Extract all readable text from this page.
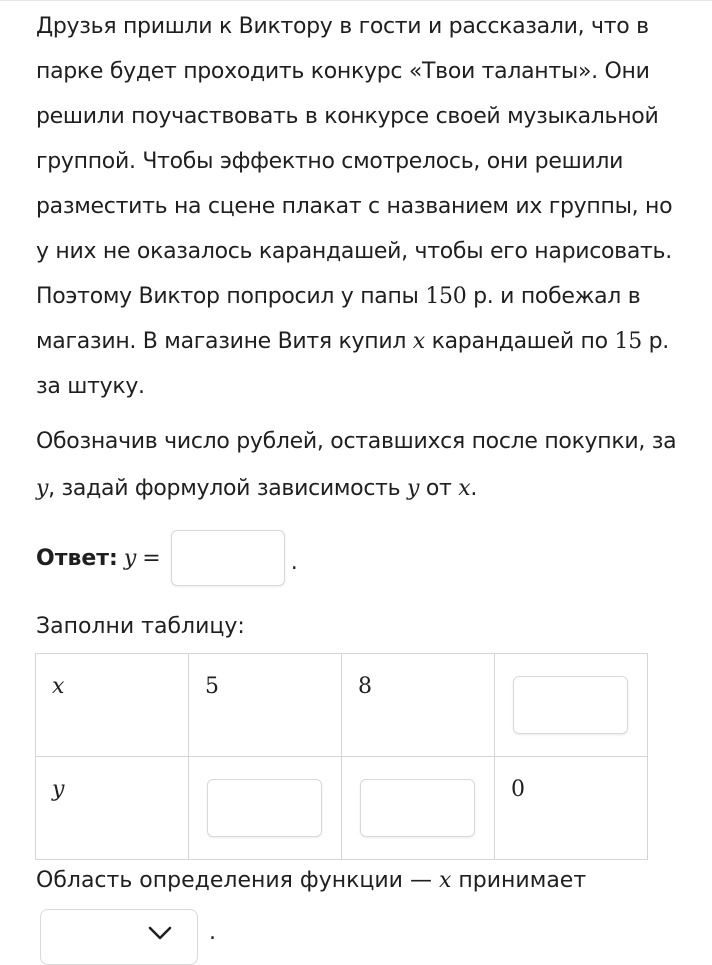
Друзья пришли к Виктору в гости и рассказали, что в парке будет проходить конкурс «Твои таланты». Они решили поучаствовать в конкурсе своей музыкальной группой. Чтобы эффектно смотрелось, они решили разместить на сцене плакат с названием их группы, но у них не оказалось карандашей, чтобы его нарисовать. Поэтому Виктор попросил у папы 150 р. и побежал в магазин. В магазине Витя купил x карандашей по 15 р. за штуку.

Обозначив число рублей, оставшихся после покупки, за y, задай формулой зависимость y от x.
Ответ: y =	.
Заполни таблицу:
x	5	8

y			0
Область определения функции — x принимает
.
